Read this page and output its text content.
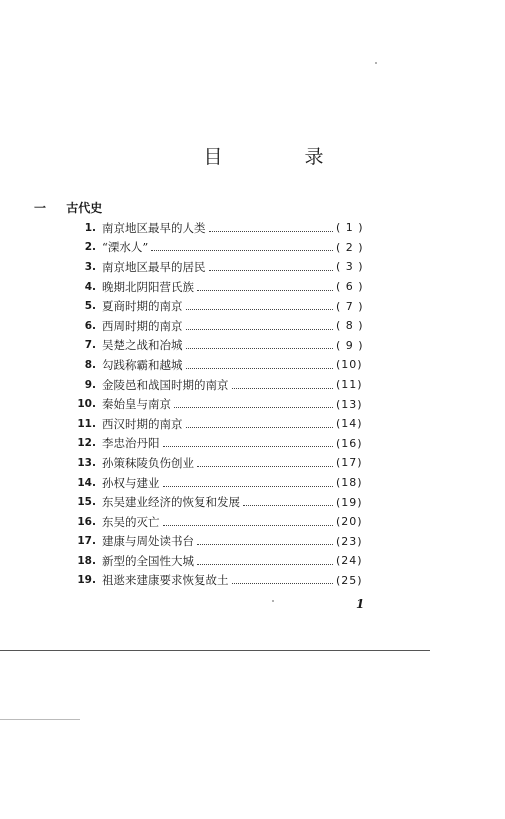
目 录
一 古代史
1 . 南京地区最早的人类	( 1 )
2 . “溧水人”	( 2 )
3 . 南京地区最早的居民	( 3 )
4 . 晚期北阴阳营氏族	( 6 )
5 . 夏商时期的南京	( 7 )
6 . 西周时期的南京	( 8 )
7 . 吴楚之战和冶城	( 9 )
8 . 勾践称霸和越城	(10)
9 . 金陵邑和战国时期的南京	(11)
10 . 秦始皇与南京	(13)
11 . 西汉时期的南京	(14)
12 . 李忠治丹阳	(16)
13 . 孙策秣陵负伤创业	(17)
14 . 孙权与建业	(18)
15 . 东吴建业经济的恢复和发展	(19)
16 . 东吴的灭亡	(20)
17 . 建康与周处读书台	(23)
18 . 新型的全国性大城	(24)
19 . 祖逖来建康要求恢复故土	(25)
1
